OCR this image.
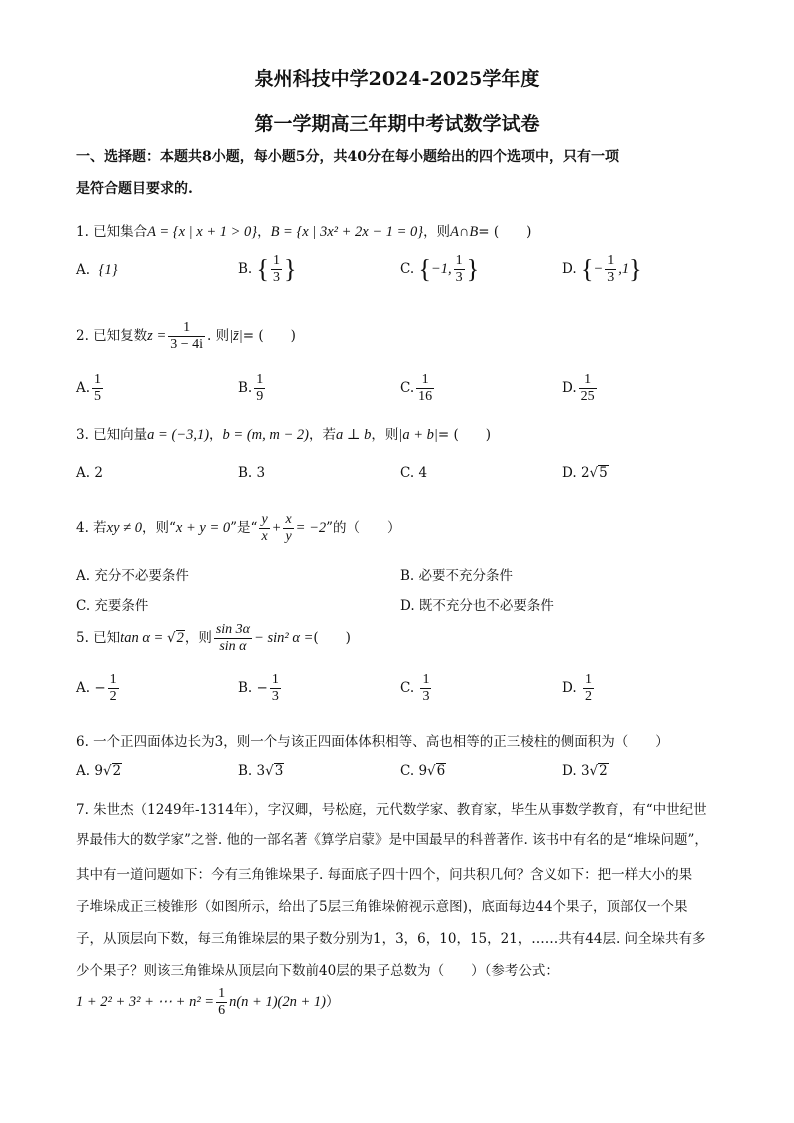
泉州科技中学2024-2025学年度
第一学期高三年期中考试数学试卷
一、选择题：本题共8小题，每小题5分，共40分在每小题给出的四个选项中，只有一项
是符合题目要求的.
1. 已知集合A = {x | x + 1 > 0}，B = {x | 3x² + 2x − 1 = 0}，则A∩B= (　　)
A. {1}	B. { $\frac{1}{3}$ }	C. {−1, $\frac{1}{3}$ }	D. {− $\frac{1}{3} ,1$}
2. 已知复数$z = \frac{1}{3 - 4i}$ . 则|z̄|= (　　)
A. $\frac{1}{5}$	B. $\frac{1}{9}$	C. $\frac{1}{16}$	D. $\frac{1}{25}$
3. 已知向量a = (−3,1)，b = (m, m − 2)，若a ⊥ b，则|a + b|= (　　)
A. 2	B. 3	C. 4	D. 2√5
4. 若xy ≠ 0，则“x + y = 0”是“ $\frac{y}{x} + \frac{x}{y} = -2$”的（　　）
A. 充分不必要条件	B. 必要不充分条件
C. 充要条件	D. 既不充分也不必要条件
5. 已知tan α = √2，则 $\frac{\sin 3\alpha}{\text{sin α}} - \sin^2$ α =(　　)
A. − $\frac{1}{2}$	B. − $\frac{1}{3}$	C. $\frac{1}{3}$	D. $\frac{1}{2}$
6. 一个正四面体边长为3，则一个与该正四面体体积相等、高也相等的正三棱柱的侧面积为（　　）
A. 9√2	B. 3√3	C. 9√6	D. 3√2
7. 朱世杰（1249年-1314年），字汉卿，号松庭，元代数学家、教育家，毕生从事数学教育，有“中世纪世
界最伟大的数学家”之誉. 他的一部名著《算学启蒙》是中国最早的科普著作. 该书中有名的是“堆垛问题”，
其中有一道问题如下：今有三角锥垛果子. 每面底子四十四个，问共积几何？含义如下：把一样大小的果
子堆垛成正三棱锥形（如图所示，给出了5层三角锥垛俯视示意图)，底面每边44个果子，顶部仅一个果
子，从顶层向下数，每三角锥垛层的果子数分别为1，3，6，10，15，21，……共有44层. 问全垛共有多
少个果子？则该三角锥垛从顶层向下数前40层的果子总数为（　　）（参考公式：
1 + 2² + 3² + ⋯ + $n^2 = \frac{1}{6} n(n + 1)(2n + 1)$）
